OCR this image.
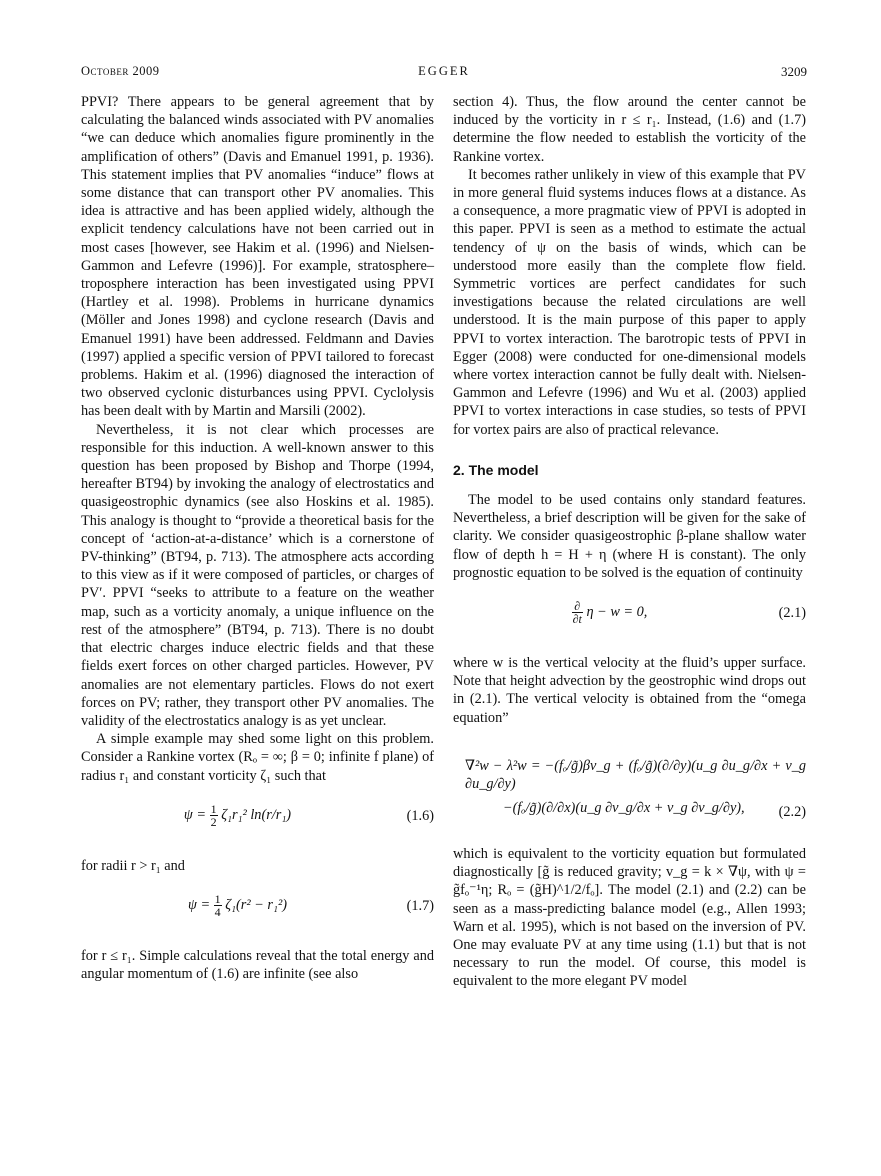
October 2009	EGGER	3209

PPVI? There appears to be general agreement that by calculating the balanced winds associated with PV anomalies “we can deduce which anomalies figure prominently in the amplification of others” (Davis and Emanuel 1991, p. 1936). This statement implies that PV anomalies “induce” flows at some distance that can transport other PV anomalies. This idea is attractive and has been applied widely, although the explicit tendency calculations have not been carried out in most cases [however, see Hakim et al. (1996) and Nielsen-Gammon and Lefevre (1996)]. For example, stratosphere–troposphere interaction has been investigated using PPVI (Hartley et al. 1998). Problems in hurricane dynamics (Möller and Jones 1998) and cyclone research (Davis and Emanuel 1991) have been addressed. Feldmann and Davies (1997) applied a specific version of PPVI tailored to forecast problems. Hakim et al. (1996) diagnosed the interaction of two observed cyclonic disturbances using PPVI. Cyclolysis has been dealt with by Martin and Marsili (2002).

Nevertheless, it is not clear which processes are responsible for this induction. A well-known answer to this question has been proposed by Bishop and Thorpe (1994, hereafter BT94) by invoking the analogy of electrostatics and quasigeostrophic dynamics (see also Hoskins et al. 1985). This analogy is thought to “provide a theoretical basis for the concept of ‘action-at-a-distance’ which is a cornerstone of PV-thinking” (BT94, p. 713). The atmosphere acts according to this view as if it were composed of particles, or charges of PV′. PPVI “seeks to attribute to a feature on the weather map, such as a vorticity anomaly, a unique influence on the rest of the atmosphere” (BT94, p. 713). There is no doubt that electric charges induce electric fields and that these fields exert forces on other charged particles. However, PV anomalies are not elementary particles. Flows do not exert forces on PV; rather, they transport other PV anomalies. The validity of the electrostatics analogy is as yet unclear.

A simple example may shed some light on this problem. Consider a Rankine vortex (Rₒ = ∞; β = 0; infinite f plane) of radius r₁ and constant vorticity ζ₁ such that

$\psi = \frac{1}{2} \zeta_1r_1^2$ ln(r/r₁)	(1.6)

for radii r > r₁ and

$\psi = \frac{1}{4} \zeta_1(r^2 - r_1^2)$	(1.7)

for r ≤ r₁. Simple calculations reveal that the total energy and angular momentum of (1.6) are infinite (see also

section 4). Thus, the flow around the center cannot be induced by the vorticity in r ≤ r₁. Instead, (1.6) and (1.7) determine the flow needed to establish the vorticity of the Rankine vortex.

It becomes rather unlikely in view of this example that PV in more general fluid systems induces flows at a distance. As a consequence, a more pragmatic view of PPVI is adopted in this paper. PPVI is seen as a method to estimate the actual tendency of ψ on the basis of winds, which can be understood more easily than the complete flow field. Symmetric vortices are perfect candidates for such investigations because the related circulations are well understood. It is the main purpose of this paper to apply PPVI to vortex interaction. The barotropic tests of PPVI in Egger (2008) were conducted for one-dimensional models where vortex interaction cannot be fully dealt with. Nielsen-Gammon and Lefevre (1996) and Wu et al. (2003) applied PPVI to vortex interactions in case studies, so tests of PPVI for vortex pairs are also of practical relevance.

2. The model

The model to be used contains only standard features. Nevertheless, a brief description will be given for the sake of clarity. We consider quasigeostrophic β-plane shallow water flow of depth h = H + η (where H is constant). The only prognostic equation to be solved is the equation of continuity

$\frac{\partial}{\partial t}$ η − w = 0,	(2.1)

where w is the vertical velocity at the fluid’s upper surface. Note that height advection by the geostrophic wind drops out in (2.1). The vertical velocity is obtained from the “omega equation”

∇²w − λ²w = −(fₒ/g̃)βv_g + (fₒ/g̃)(∂/∂y)(u_g ∂u_g/∂x + v_g ∂u_g/∂y)
−(fₒ/g̃)(∂/∂x)(u_g ∂v_g/∂x + v_g ∂v_g/∂y), (2.2)

which is equivalent to the vorticity equation but formulated diagnostically [g̃ is reduced gravity; v_g = k × ∇ψ, with ψ = g̃fₒ⁻¹η; Rₒ = (g̃H)^1/2/fₒ]. The model (2.1) and (2.2) can be seen as a mass-predicting balance model (e.g., Allen 1993; Warn et al. 1995), which is not based on the inversion of PV. One may evaluate PV at any time using (1.1) but that is not necessary to run the model. Of course, this model is equivalent to the more elegant PV model
